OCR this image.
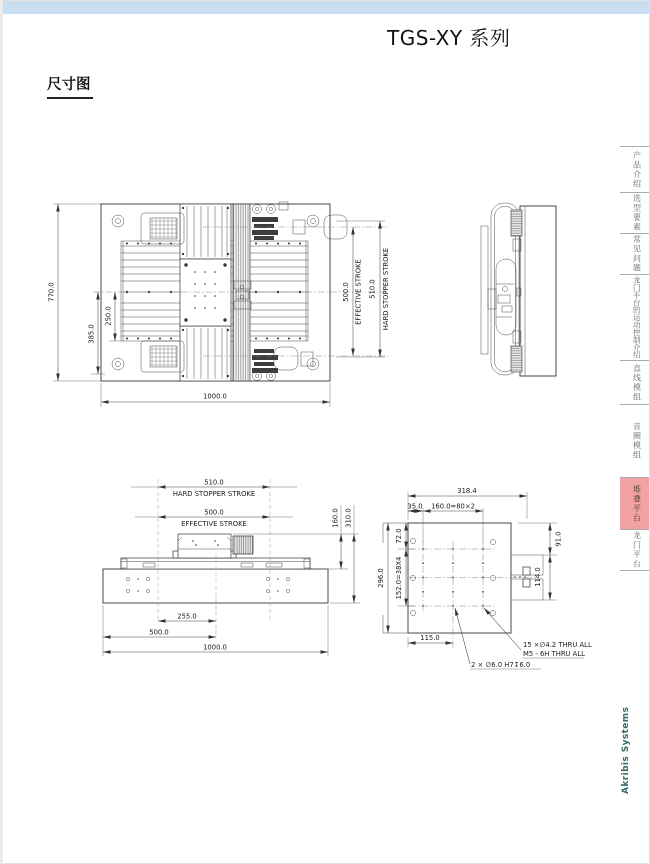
TGS-XY 系列
尺寸图
770.0
385.0
250.0
1000.0
500.0 EFFECTIVE STROKE 510.0 HARD STOPPER STROKE
510.0
HARD STOPPER STROKE
500.0
EFFECTIVE STROKE	160.0 310.0
255.0
500.0
1000.0
318.4
35.0 160.0=80×2
72.0
152.0=38X4
296.0
91.0
114.0
115.0
15 ×∅4.2 THRU ALL
M5 - 6H THRU ALL
2 × ∅6.0 H7↧6.0
产品介绍
选型要素
常见问题
龙门平台的运动控制介绍
直线模组
音圈模组
堆叠平台
龙门平台
Akribis Systems
